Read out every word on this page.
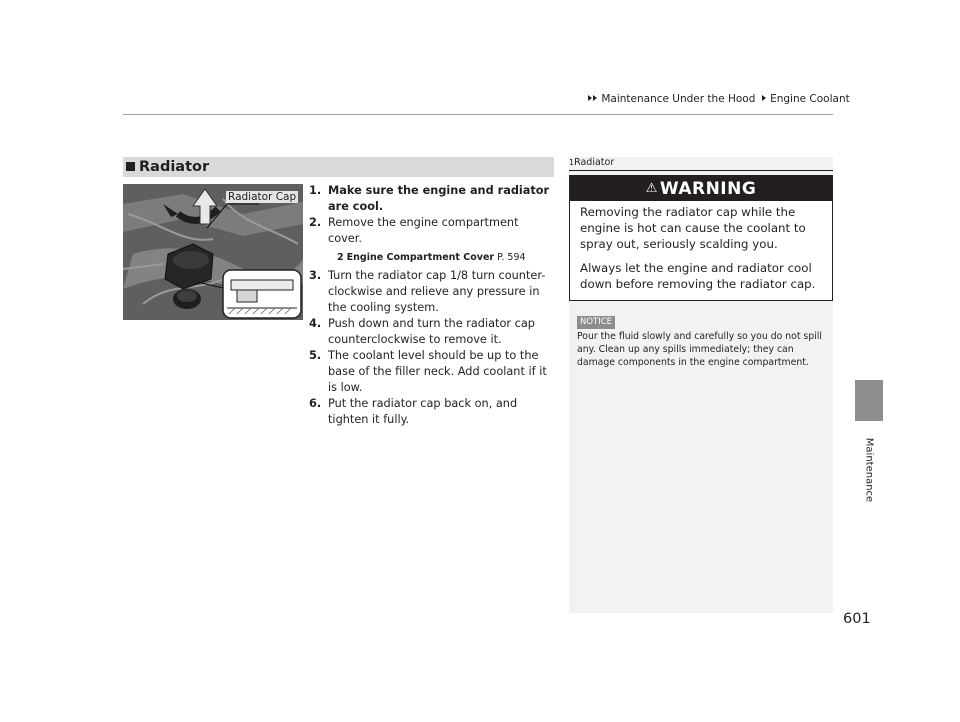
Maintenance Under the Hood Engine Coolant
Maintenance
Radiator
Radiator Cap 1. Make sure the engine and radiator are cool.

2. Remove the engine compartment cover.

2 Engine Compartment Cover P. 594

3. Turn the radiator cap 1/8 turn counter-clockwise and relieve any pressure in the cooling system.

4. Push down and turn the radiator cap counterclockwise to remove it.

5. The coolant level should be up to the base of the filler neck. Add coolant if it is low.

6. Put the radiator cap back on, and tighten it fully.

1Radiator
⚠ WARNING
Removing the radiator cap while the engine is hot can cause the coolant to spray out, seriously scalding you.
Always let the engine and radiator cool down before removing the radiator cap.
NOTICE
Pour the fluid slowly and carefully so you do not spill any. Clean up any spills immediately; they can damage components in the engine compartment.
601
